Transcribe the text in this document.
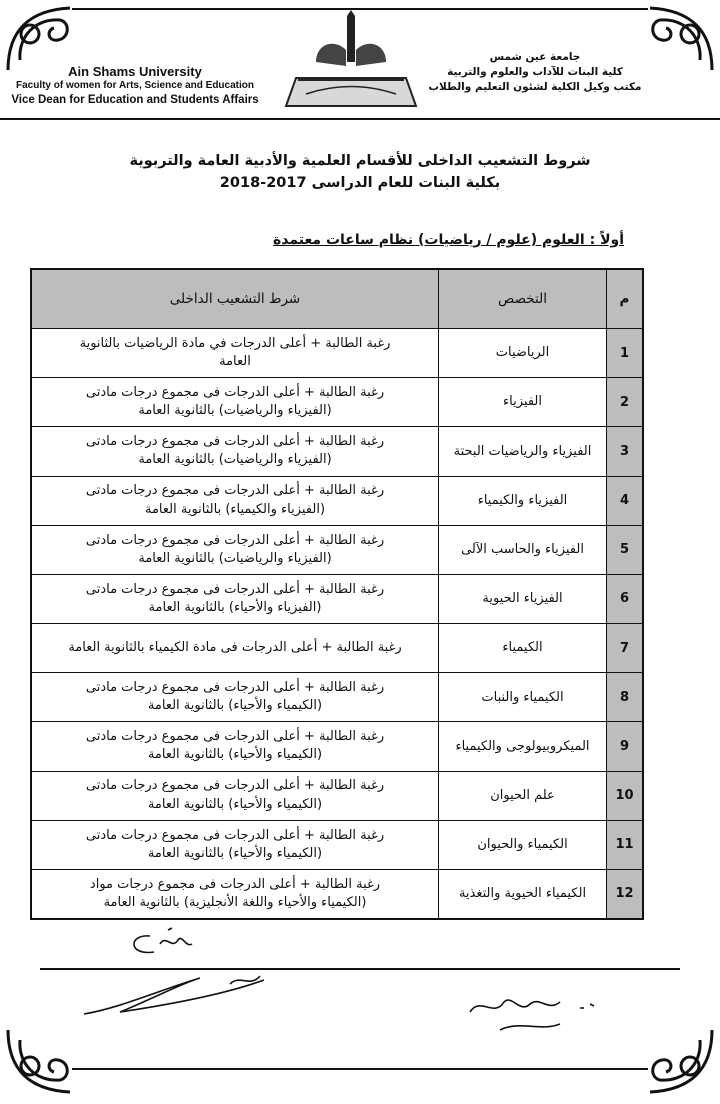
Ain Shams University
Faculty of women for Arts, Science and Education
Vice Dean for Education and Students Affairs
جامعة عين شمس
كلية البنات للآداب والعلوم والتربية
مكتب وكيل الكلية لشئون التعليم والطلاب
شروط التشعيب الداخلى للأقسام العلمية والأدبية العامة والتربوية
بكلية البنات للعام الدراسى 2017-2018
أولاً : العلوم (علوم / رياضيات) نظام ساعات معتمدة
م
التخصص
شرط التشعيب الداخلى
1
الرياضيات
رغبة الطالبة + أعلى الدرجات في مادة الرياضيات بالثانوية
العامة
2
الفيزياء
رغبة الطالبة + أعلى الدرجات فى مجموع درجات مادتى
(الفيزياء والرياضيات) بالثانوية العامة
3
الفيزياء والرياضيات البحتة
رغبة الطالبة + أعلى الدرجات فى مجموع درجات مادتى
(الفيزياء والرياضيات) بالثانوية العامة
4
الفيزياء والكيمياء
رغبة الطالبة + أعلى الدرجات فى مجموع درجات مادتى
(الفيزياء والكيمياء) بالثانوية العامة
5
الفيزياء والحاسب الآلى
رغبة الطالبة + أعلى الدرجات فى مجموع درجات مادتى
(الفيزياء والرياضيات) بالثانوية العامة
6
الفيزياء الحيوية
رغبة الطالبة + أعلى الدرجات فى مجموع درجات مادتى
(الفيزياء والأحياء) بالثانوية العامة
7
الكيمياء
رغبة الطالبة + أعلى الدرجات فى مادة الكيمياء بالثانوية العامة
8
الكيمياء والنبات
رغبة الطالبة + أعلى الدرجات فى مجموع درجات مادتى
(الكيمياء والأحياء) بالثانوية العامة
9
الميكروبيولوجى والكيمياء
رغبة الطالبة + أعلى الدرجات فى مجموع درجات مادتى
(الكيمياء والأحياء) بالثانوية العامة
10
علم الحيوان
رغبة الطالبة + أعلى الدرجات فى مجموع درجات مادتى
(الكيمياء والأحياء) بالثانوية العامة
11
الكيمياء والحيوان
رغبة الطالبة + أعلى الدرجات فى مجموع درجات مادتى
(الكيمياء والأحياء) بالثانوية العامة
12
الكيمياء الحيوية والتغذية
رغبة الطالبة + أعلى الدرجات فى مجموع درجات مواد
(الكيمياء والأحياء واللغة الأنجليزية) بالثانوية العامة
